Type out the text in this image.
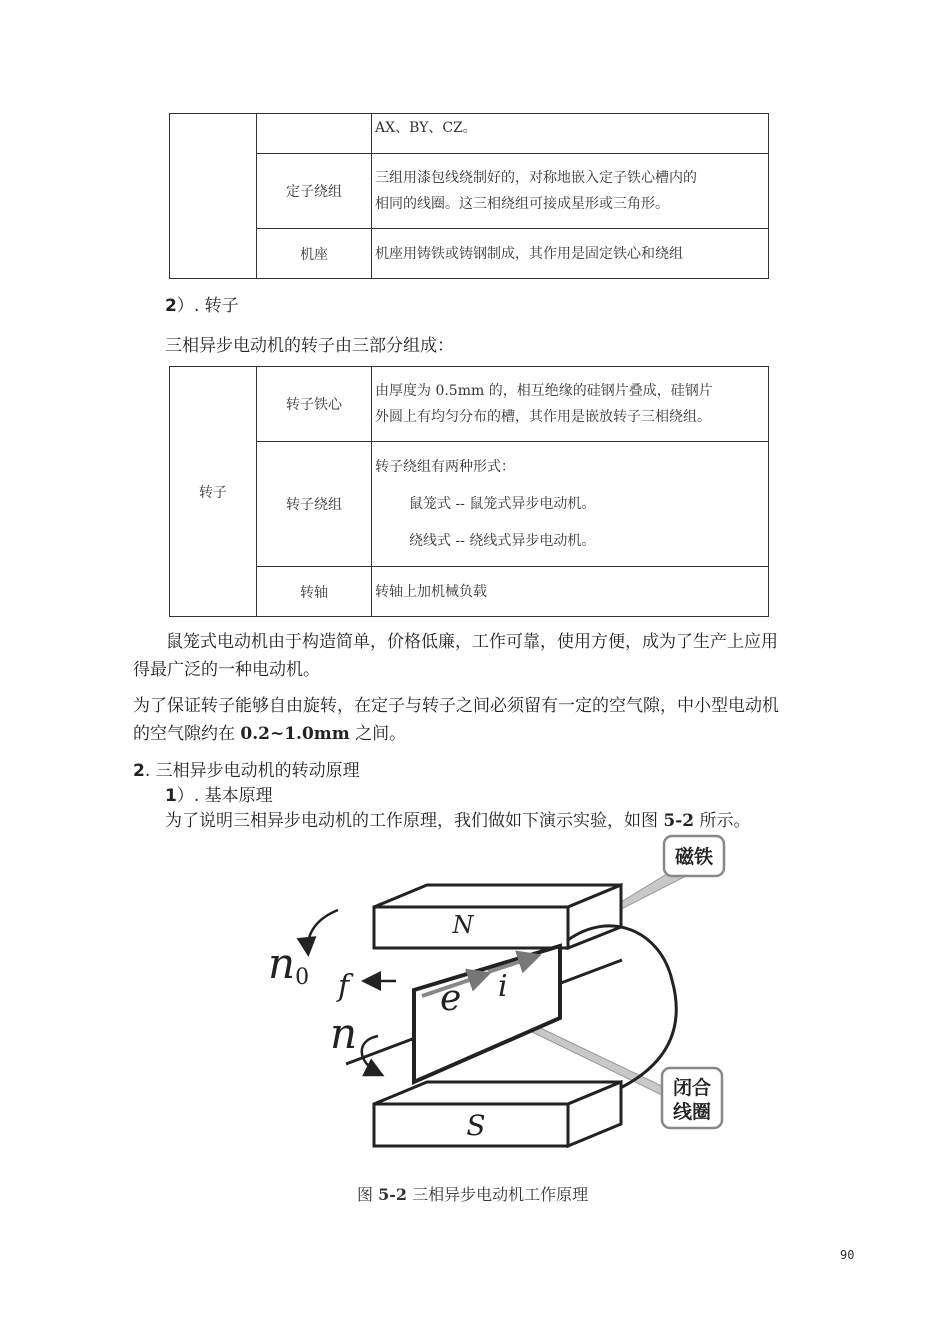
		AX、BY、CZ。
	定子绕组	三组用漆包线绕制好的，对称地嵌入定子铁心槽内的
相同的线圈。这三相绕组可接成星形或三角形。

	机座	机座用铸铁或铸钢制成，其作用是固定铁心和绕组
2）. 转子
三相异步电动机的转子由三部分组成：
转子	转子铁心	由厚度为 0.5mm 的，相互绝缘的硅钢片叠成，硅钢片
外圆上有均匀分布的槽，其作用是嵌放转子三相绕组。

	转子绕组	转子绕组有两种形式：
鼠笼式 -- 鼠笼式异步电动机。
绕线式 -- 绕线式异步电动机。

	转轴	转轴上加机械负载
鼠笼式电动机由于构造简单，价格低廉，工作可靠，使用方便，成为了生产上应用
得最广泛的一种电动机。
为了保证转子能够自由旋转，在定子与转子之间必须留有一定的空气隙，中小型电动机
的空气隙约在 0.2~1.0mm 之间。
2. 三相异步电动机的转动原理
1）. 基本原理
为了说明三相异步电动机的工作原理，我们做如下演示实验，如图 5-2 所示。
磁铁
闭合
线圈
N
S
n0 f	e i
n
图 5-2 三相异步电动机工作原理
90
